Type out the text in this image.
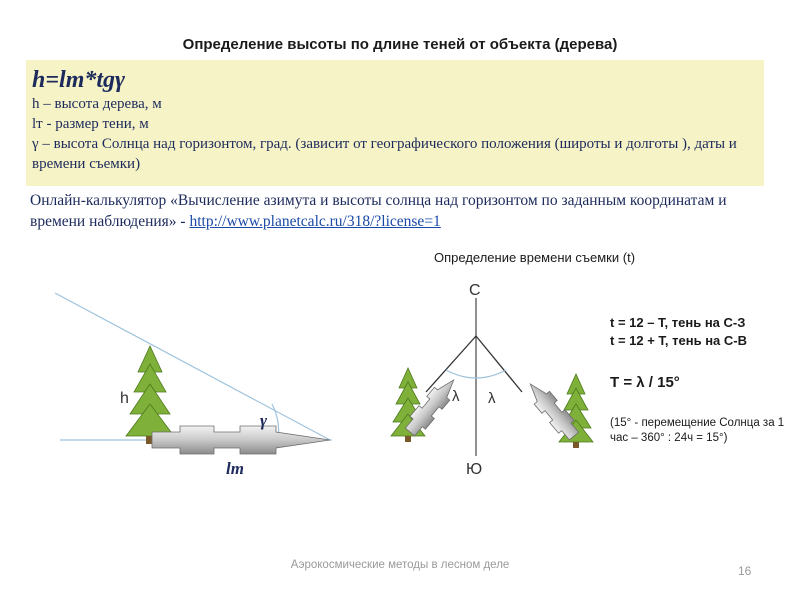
Определение высоты по длине теней от объекта (дерева)
h=lт*tgγ
h – высота дерева, м
lт - размер тени, м
γ – высота Солнца над горизонтом, град. (зависит от географического положения (широты и долготы ), даты и времени съемки)
Онлайн-калькулятор «Вычисление азимута и высоты солнца над горизонтом по заданным координатам и времени наблюдения» - http://www.planetcalc.ru/318/?license=1
Определение времени съемки (t)
h
γ
lт
С
Ю
λ λ
t = 12 – T, тень на С-З
t = 12 + T, тень на С-В
T = λ / 15°
(15° - перемещение Солнца за 1 час – 360° : 24ч = 15°)
Аэрокосмические методы в лесном деле	16
